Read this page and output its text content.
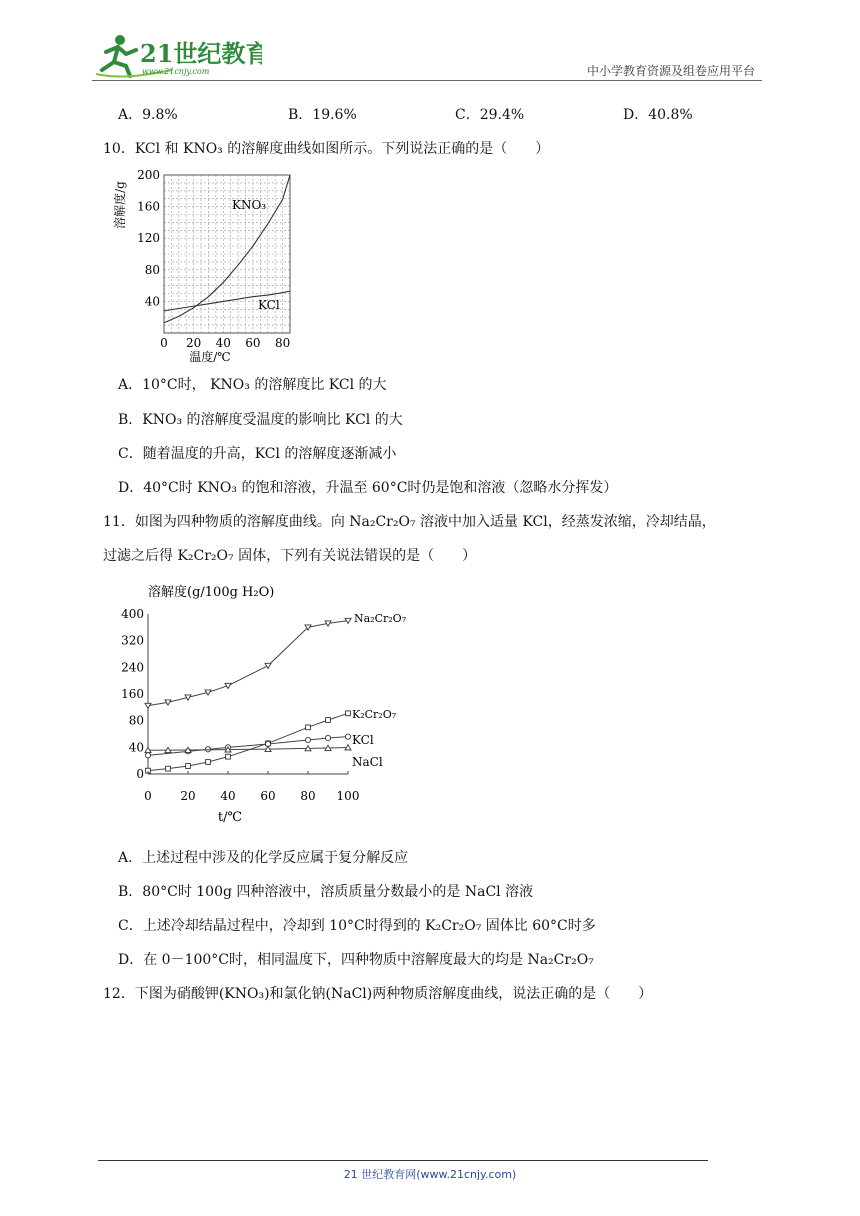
21世纪教育
www.21cnjy.com	中小学教育资源及组卷应用平台
A．9.8%	B．19.6%	C．29.4%	D．40.8%
10．KCl 和 KNO₃ 的溶解度曲线如图所示。下列说法正确的是（　　）
0 20 40 60 80
40
80
120
160
200
溶解度/g
温度/℃
KNO₃
KCl
A．10°C时， KNO₃ 的溶解度比 KCl 的大
B．KNO₃ 的溶解度受温度的影响比 KCl 的大
C．随着温度的升高，KCl 的溶解度逐渐减小
D．40°C时 KNO₃ 的饱和溶液，升温至 60°C时仍是饱和溶液（忽略水分挥发）
11．如图为四种物质的溶解度曲线。向 Na₂Cr₂O₇ 溶液中加入适量 KCl，经蒸发浓缩，冷却结晶，
过滤之后得 K₂Cr₂O₇ 固体，下列有关说法错误的是（　　）
0 20 40 60 80 100
0
40
80
160
240
320
400
溶解度(g/100g H₂O)
t/℃
Na₂Cr₂O₇
K₂Cr₂O₇
KCl
NaCl
A．上述过程中涉及的化学反应属于复分解反应
B．80°C时 100g 四种溶液中，溶质质量分数最小的是 NaCl 溶液
C．上述冷却结晶过程中，冷却到 10°C时得到的 K₂Cr₂O₇ 固体比 60°C时多
D．在 0－100°C时，相同温度下，四种物质中溶解度最大的均是 Na₂Cr₂O₇
12．下图为硝酸钾(KNO₃)和氯化钠(NaCl)两种物质溶解度曲线，说法正确的是（　　）
21 世纪教育网(www.21cnjy.com)
